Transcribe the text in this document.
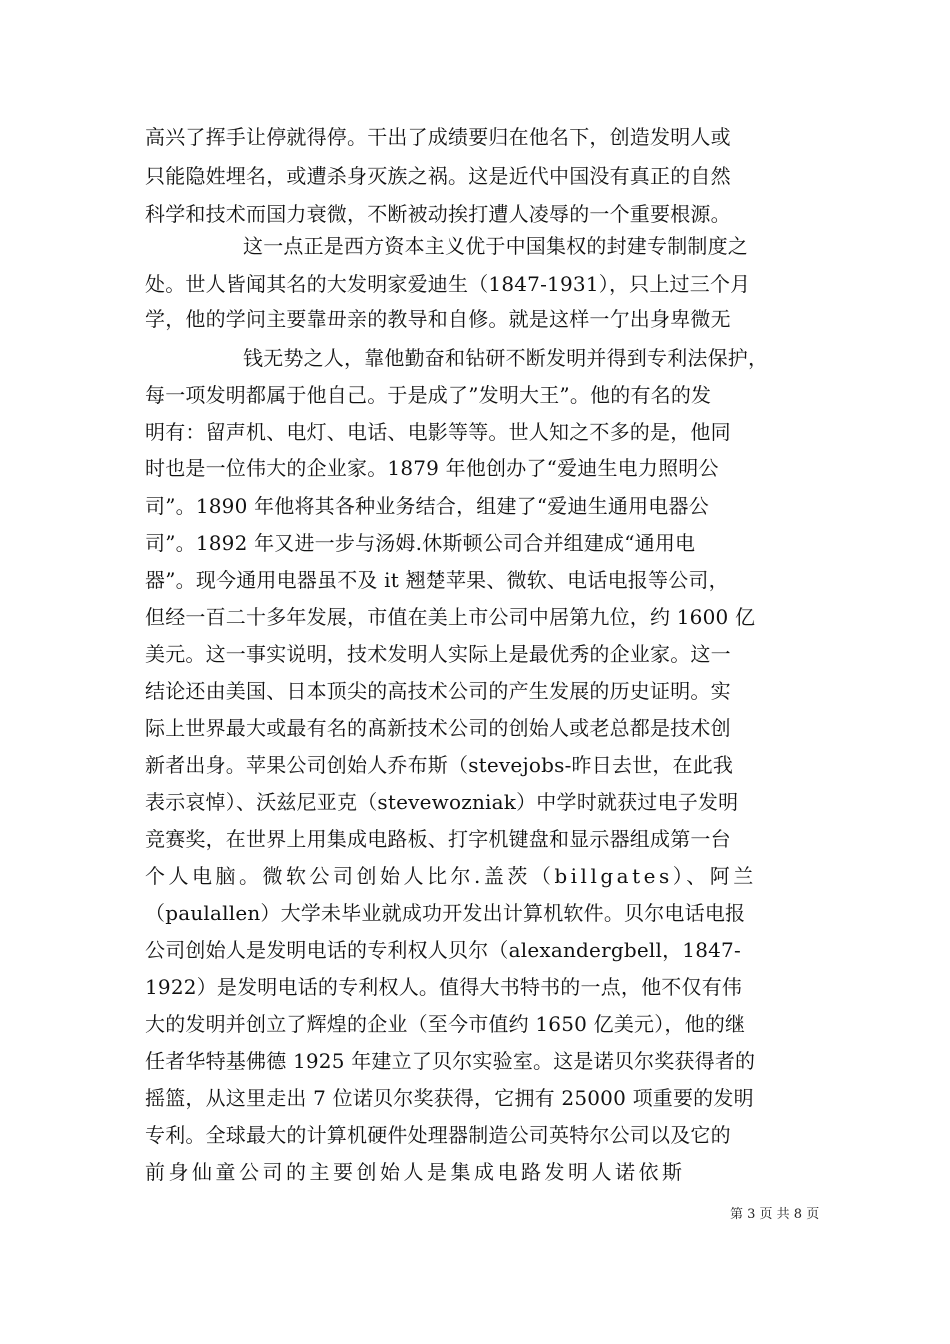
高兴了挥手让停就得停。干出了成绩要归在他名下，创造发明人或
只能隐姓埋名，或遭杀身灭族之祸。这是近代中国没有真正的自然
科学和技术而国力衰微，不断被动挨打遭人凌辱的一个重要根源。
这一点正是西方资本主义优于中国集权的封建专制制度之
处。世人皆闻其名的大发明家爱迪生（1847-1931），只上过三个月
学，他的学问主要靠毌亲的教导和自修。就是这样一亇出身卑微无
钱无势之人，靠他勤奋和钻研不断发明并得到专利法保护，
每一项发明都属于他自己。于是成了”发明大王”。他的有名的发
明有：留声机、电灯、电话、电影等等。世人知之不多的是，他同
时也是一位伟大的企业家。1879 年他创办了“爱迪生电力照明公
司”。1890 年他将其各种业务结合，组建了“爱迪生通用电器公
司”。1892 年又进一步与汤姆.休斯顿公司合并组建成“通用电
器”。现今通用电器虽不及 it 翘楚苹果、微软、电话电报等公司，
但经一百二十多年发展，市值在美上市公司中居第九位，约 1600 亿
美元。这一事实说明，技术发明人实际上是最优秀的企业家。这一
结论还由美国、日本顶尖的高技术公司的产生发展的历史证明。实
际上世界最大或最有名的髙新技术公司的创始人或老总都是技术创
新者出身。苹果公司创始人乔布斯（stevejobs-昨日去世，在此我
表示哀悼）、沃兹尼亚克（stevewozniak）中学时就获过电子发明
竞赛奖，在世界上用集成电路板、打字机键盘和显示器组成第一台
个人电脑。微软公司创始人比尔.盖茨（billgates）、阿兰
（paulallen）大学未毕业就成功开发出计算机软件。贝尔电话电报
公司创始人是发明电话的专利权人贝尔（alexandergbell，1847-
1922）是发明电话的专利权人。值得大书特书的一点，他不仅有伟
大的发明并创立了辉煌的企业（至今市值约 1650 亿美元），他的继
任者华特基佛德 1925 年建立了贝尔实验室。这是诺贝尔奖获得者的
摇篮，从这里走出 7 位诺贝尔奖获得，它拥有 25000 项重要的发明
专利。全球最大的计算机硬件处理器制造公司英特尔公司以及它的
前身仙童公司的主要创始人是集成电路发明人诺依斯
第 3 页 共 8 页
